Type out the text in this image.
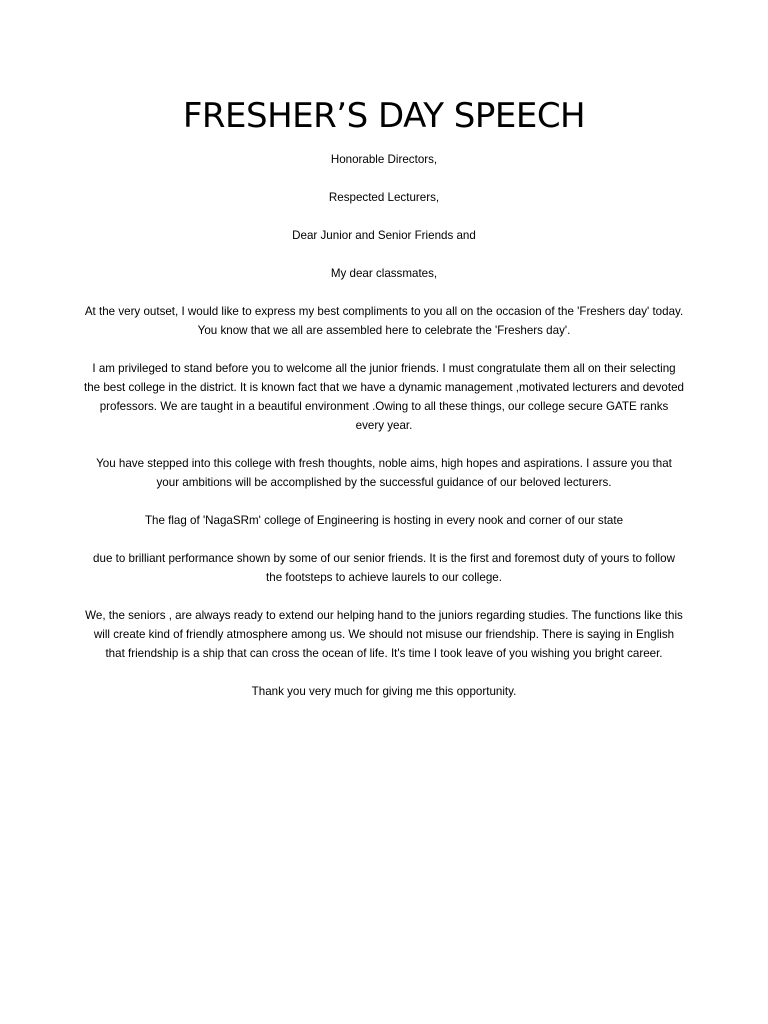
FRESHER’S DAY SPEECH

Honorable Directors,

Respected Lecturers,

Dear Junior and Senior Friends and

My dear classmates,

At the very outset, I would like to express my best compliments to you all on the occasion of the 'Freshers day' today. You know that we all are assembled here to celebrate the 'Freshers day'.

I am privileged to stand before you to welcome all the junior friends. I must congratulate them all on their selecting the best college in the district. It is known fact that we have a dynamic management ,motivated lecturers and devoted professors. We are taught in a beautiful environment .Owing to all these things, our college secure GATE ranks every year.

You have stepped into this college with fresh thoughts, noble aims, high hopes and aspirations. I assure you that your ambitions will be accomplished by the successful guidance of our beloved lecturers.

The flag of 'NagaSRm' college of Engineering is hosting in every nook and corner of our state

due to brilliant performance shown by some of our senior friends. It is the first and foremost duty of yours to follow the footsteps to achieve laurels to our college.

We, the seniors , are always ready to extend our helping hand to the juniors regarding studies. The functions like this will create kind of friendly atmosphere among us. We should not misuse our friendship. There is saying in English that friendship is a ship that can cross the ocean of life. It's time I took leave of you wishing you bright career.

Thank you very much for giving me this opportunity.
